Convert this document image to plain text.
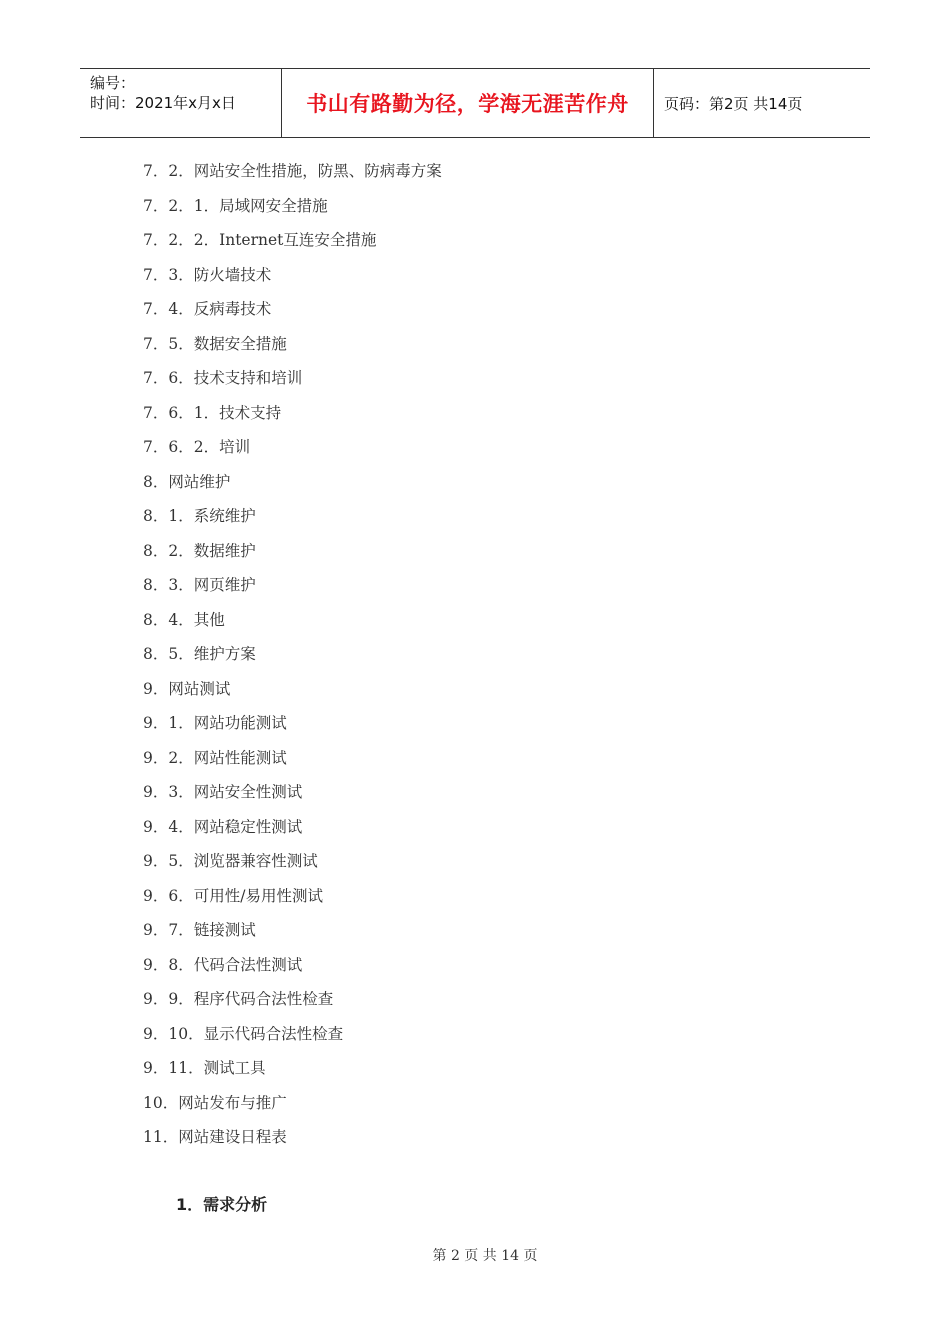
编号：
时间：2021年x月x日	书山有路勤为径，学海无涯苦作舟	页码：第2页 共14页
7．2．网站安全性措施，防黑、防病毒方案
7．2．1．局域网安全措施
7．2．2．Internet互连安全措施
7．3．防火墙技术
7．4．反病毒技术
7．5．数据安全措施
7．6．技术支持和培训
7．6．1．技术支持
7．6．2．培训
8．网站维护
8．1．系统维护
8．2．数据维护
8．3．网页维护
8．4．其他
8．5．维护方案
9．网站测试
9．1．网站功能测试
9．2．网站性能测试
9．3．网站安全性测试
9．4．网站稳定性测试
9．5．浏览器兼容性测试
9．6．可用性/易用性测试
9．7．链接测试
9．8．代码合法性测试
9．9．程序代码合法性检查
9．10．显示代码合法性检查
9．11．测试工具
10．网站发布与推广
11．网站建设日程表
1．需求分析
第 2 页 共 14 页
